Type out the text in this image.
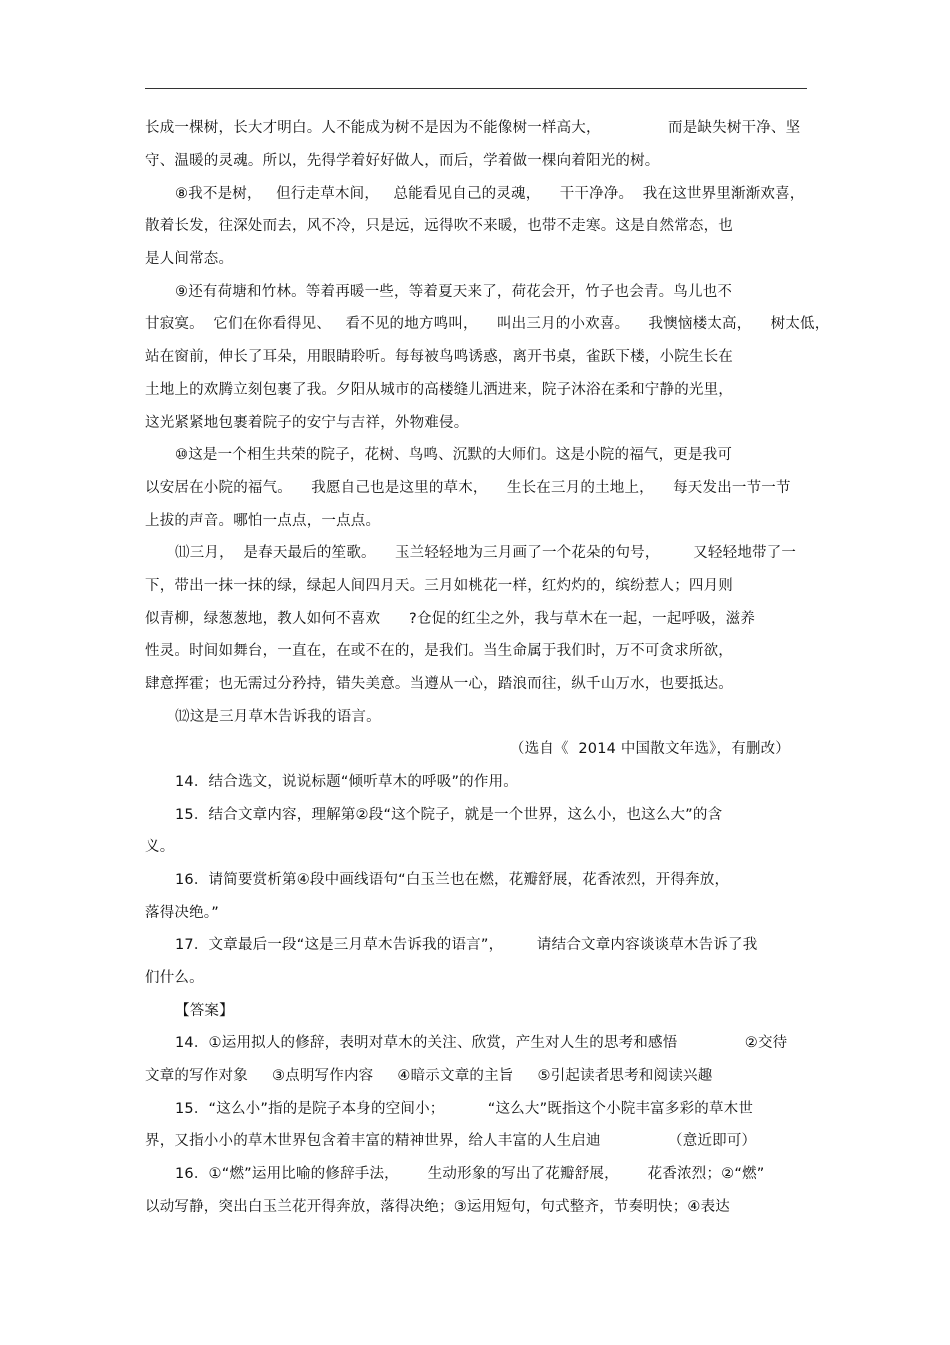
长成一棵树，长大才明白。人不能成为树不是因为不能像树一样高大，              而是缺失树干净、坚
守、温暖的灵魂。所以，先得学着好好做人，而后，学着做一棵向着阳光的树。
⑧我不是树，   但行走草木间，   总能看见自己的灵魂，    干干净净。  我在这世界里渐渐欢喜，
散着长发，往深处而去，风不冷，只是远，远得吹不来暖，也带不走寒。这是自然常态，也
是人间常态。
⑨还有荷塘和竹林。等着再暖一些，等着夏天来了，荷花会开，竹子也会青。鸟儿也不
甘寂寞。  它们在你看得见、   看不见的地方鸣叫，    叫出三月的小欢喜。    我懊恼楼太高，    树太低，
站在窗前，伸长了耳朵，用眼睛聆听。每每被鸟鸣诱惑，离开书桌，雀跃下楼，小院生长在
土地上的欢腾立刻包裹了我。夕阳从城市的高楼缝儿洒进来，院子沐浴在柔和宁静的光里，
这光紧紧地包裹着院子的安宁与吉祥，外物难侵。
⑩这是一个相生共荣的院子，花树、鸟鸣、沉默的大师们。这是小院的福气，更是我可
以安居在小院的福气。    我愿自己也是这里的草木，    生长在三月的土地上，    每天发出一节一节
上拔的声音。哪怕一点点，一点点。
⑾三月，  是春天最后的笙歌。    玉兰轻轻地为三月画了一个花朵的句号，       又轻轻地带了一
下，带出一抹一抹的绿，绿起人间四月天。三月如桃花一样，红灼灼的，缤纷惹人；四月则
似青柳，绿葱葱地，教人如何不喜欢      ?仓促的红尘之外，我与草木在一起，一起呼吸，滋养
性灵。时间如舞台，一直在，在或不在的，是我们。当生命属于我们时，万不可贪求所欲，
肆意挥霍；也无需过分矜持，错失美意。当遵从一心，踏浪而往，纵千山万水，也要抵达。
⑿这是三月草木告诉我的语言。
（选自《  2014 中国散文年选》，有删改）
14．结合选文，说说标题“倾听草木的呼吸”的作用。
15．结合文章内容，理解第②段“这个院子，就是一个世界，这么小，也这么大”的含
义。
16．请简要赏析第④段中画线语句“白玉兰也在燃，花瓣舒展，花香浓烈，开得奔放，
落得决绝。”
17．文章最后一段“这是三月草木告诉我的语言”，       请结合文章内容谈谈草木告诉了我
们什么。
【答案】
14．①运用拟人的修辞，表明对草木的关注、欣赏，产生对人生的思考和感悟              ②交待
文章的写作对象     ③点明写作内容     ④暗示文章的主旨     ⑤引起读者思考和阅读兴趣
15．“这么小”指的是院子本身的空间小；         “这么大”既指这个小院丰富多彩的草木世
界，又指小小的草木世界包含着丰富的精神世界，给人丰富的人生启迪              （意近即可）
16．①“燃”运用比喻的修辞手法，      生动形象的写出了花瓣舒展，      花香浓烈；②“燃”
以动写静，突出白玉兰花开得奔放，落得决绝；③运用短句，句式整齐，节奏明快；④表达
